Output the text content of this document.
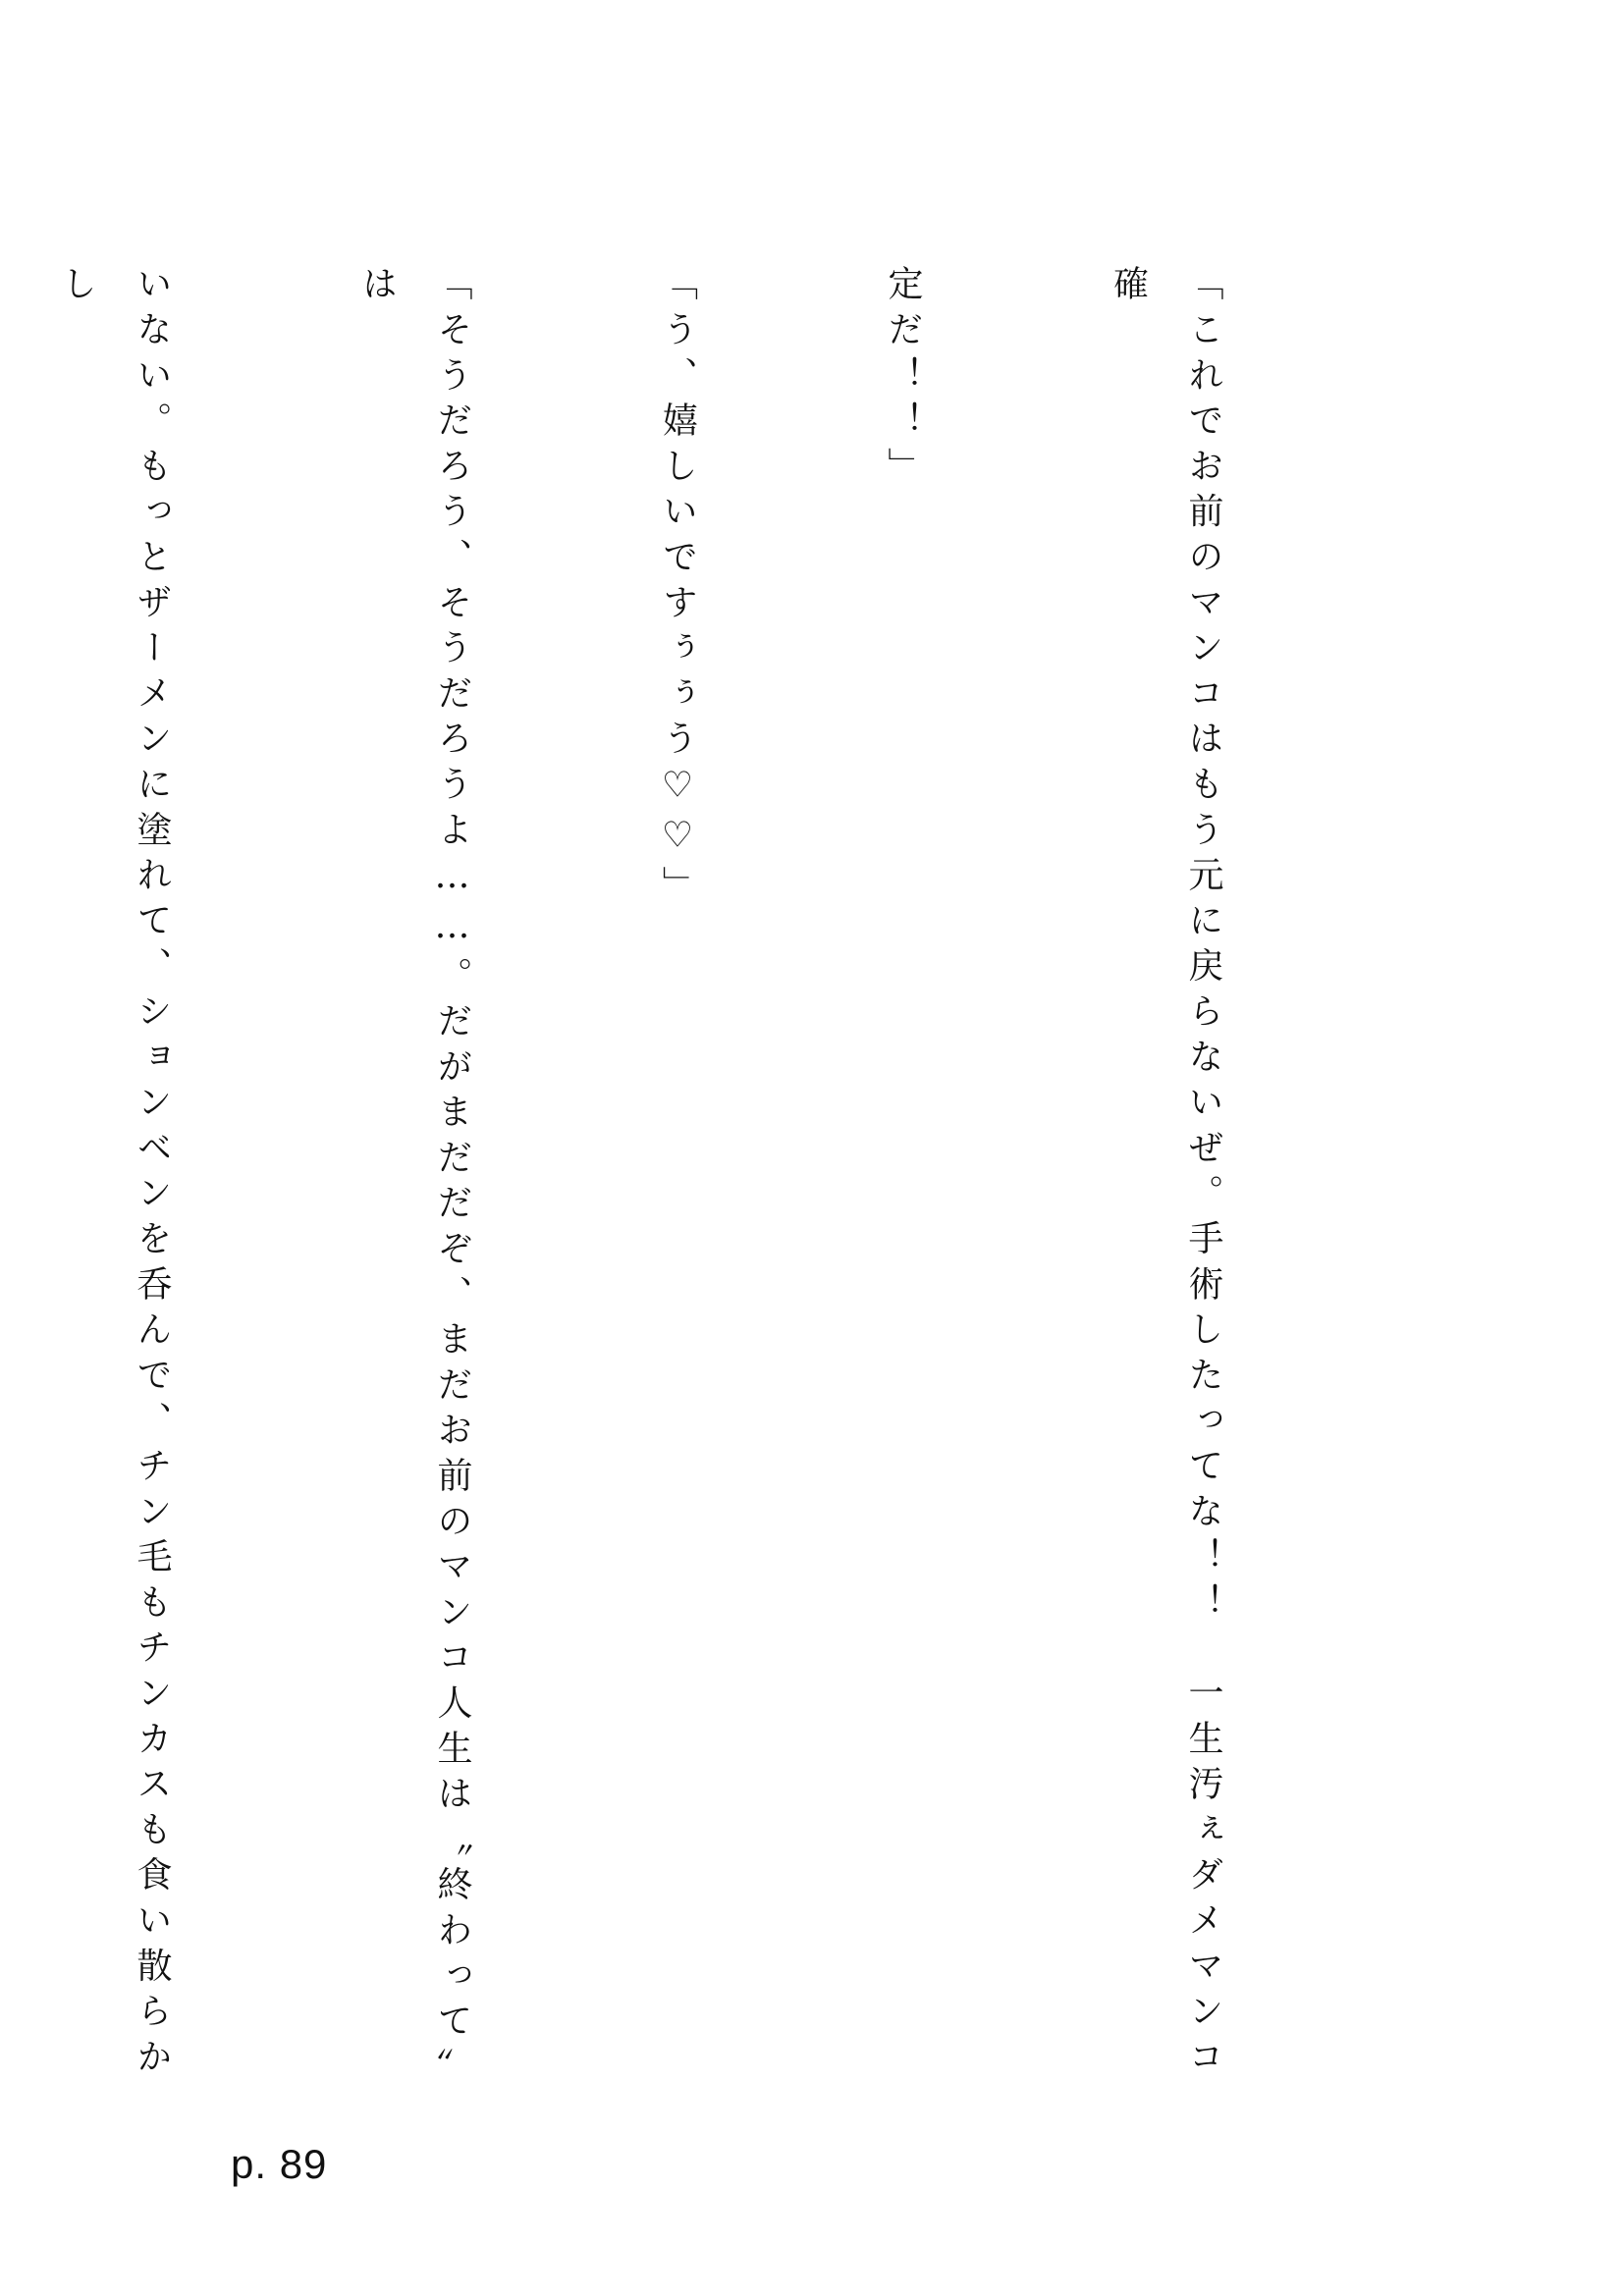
「これでお前のマンコはもう元に戻らないぜ。手術したってな！！　一生汚ぇダメマンコ確

定だ！！」

「う、嬉しいですぅぅう♡♡」

「そうだろう、そうだろうよ……。だがまだだぞ、まだお前のマンコ人生は〝終わって〟は

いない。もっとザーメンに塗れて、ションベンを呑んで、チン毛もチンカスも食い散らかし

p. 89
